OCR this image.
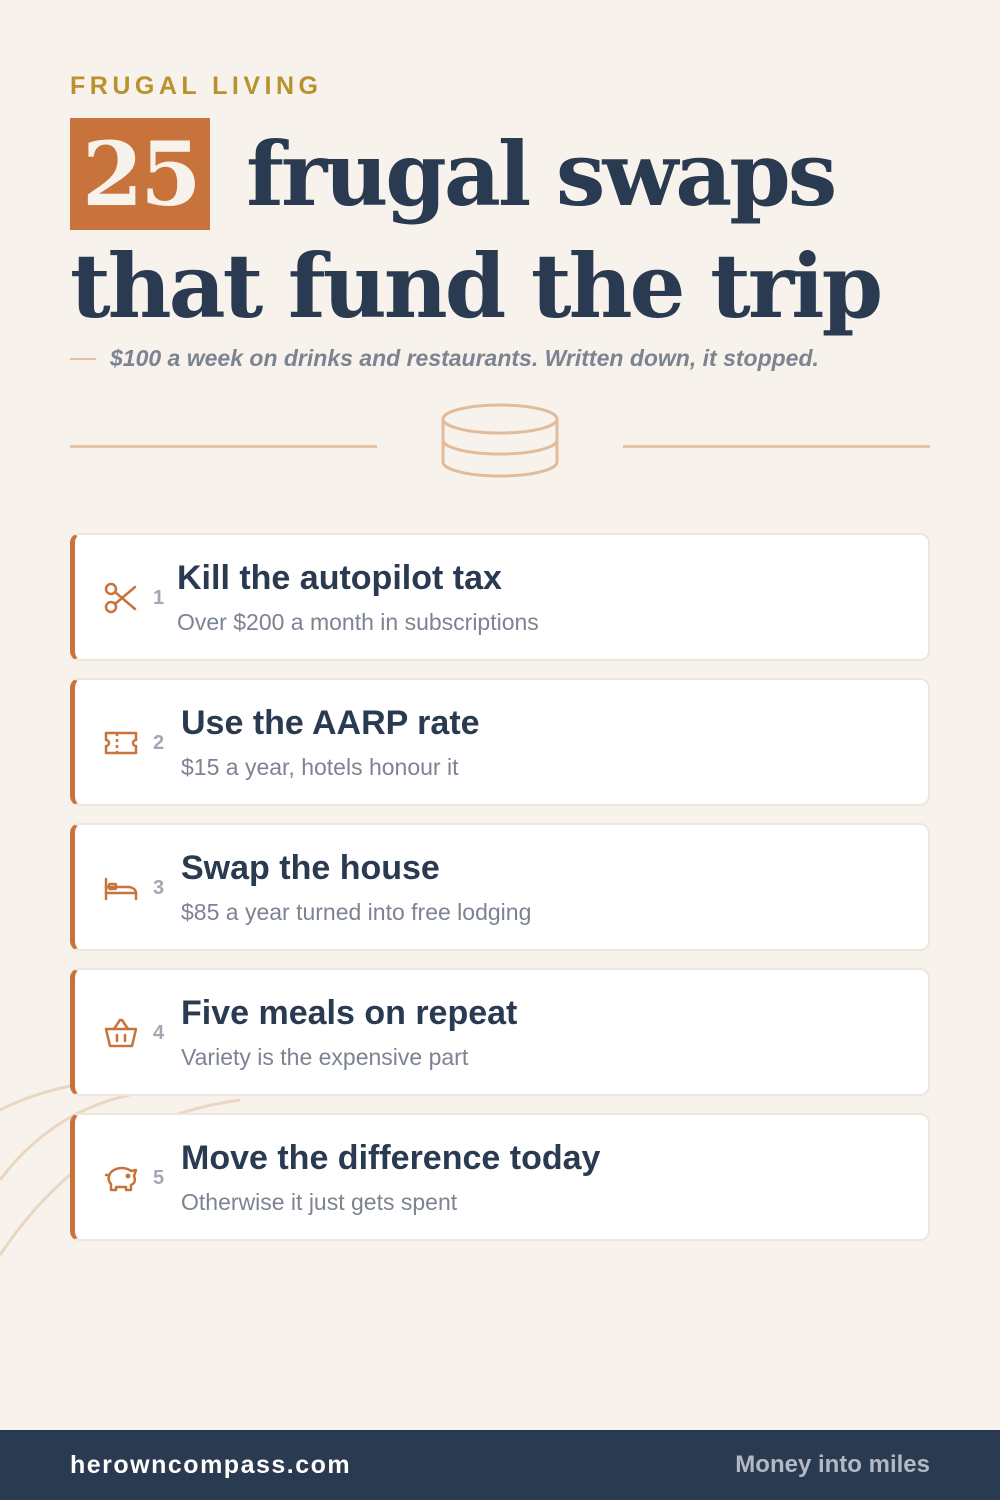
FRUGAL LIVING
25 frugal swaps
that fund the trip
$100 a week on drinks and restaurants. Written down, it stopped.
1
Kill the autopilot tax
Over $200 a month in subscriptions
2
Use the AARP rate
$15 a year, hotels honour it
3
Swap the house
$85 a year turned into free lodging
4
Five meals on repeat
Variety is the expensive part
5
Move the difference today
Otherwise it just gets spent
herowncompass.com	Money into miles
